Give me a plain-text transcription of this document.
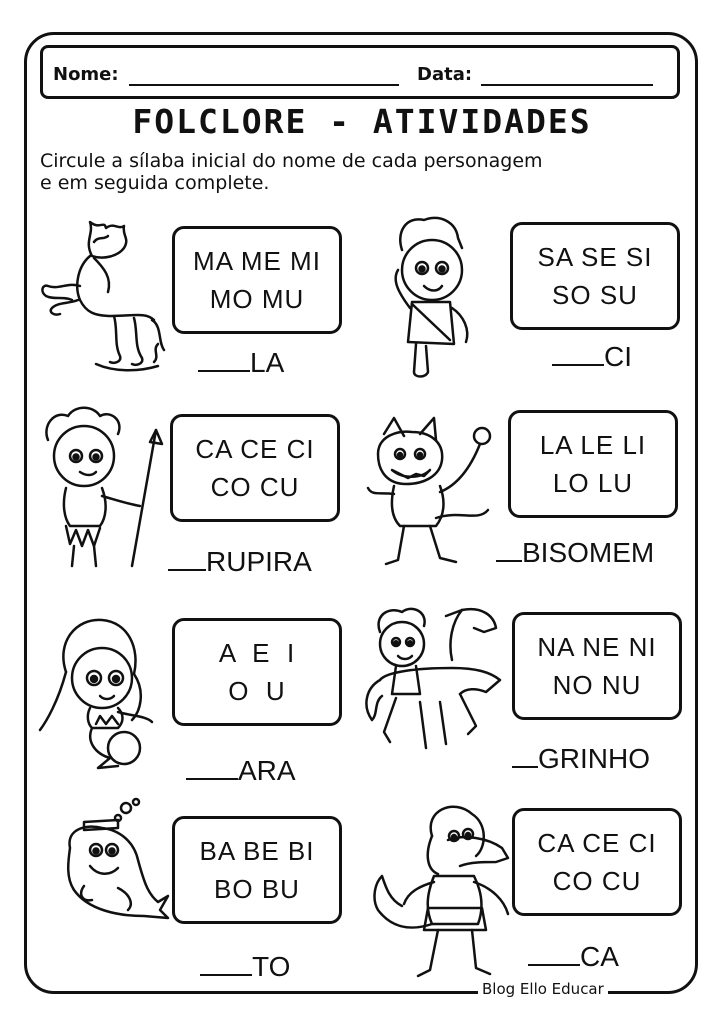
Nome:	Data:
FOLCLORE - ATIVIDADES
Circule a sílaba inicial do nome de cada personagem
e em seguida complete.
MA ME MI
MO MU
LA
SA SE SI
SO SU
CI
CA CE CI
CO CU
RUPIRA
LA LE LI
LO LU
BISOMEM
A  E  I
O  U
ARA
NA NE NI
NO NU
GRINHO
BA BE BI
BO BU
TO
CA CE CI
CO CU
CA
Blog Ello Educar
